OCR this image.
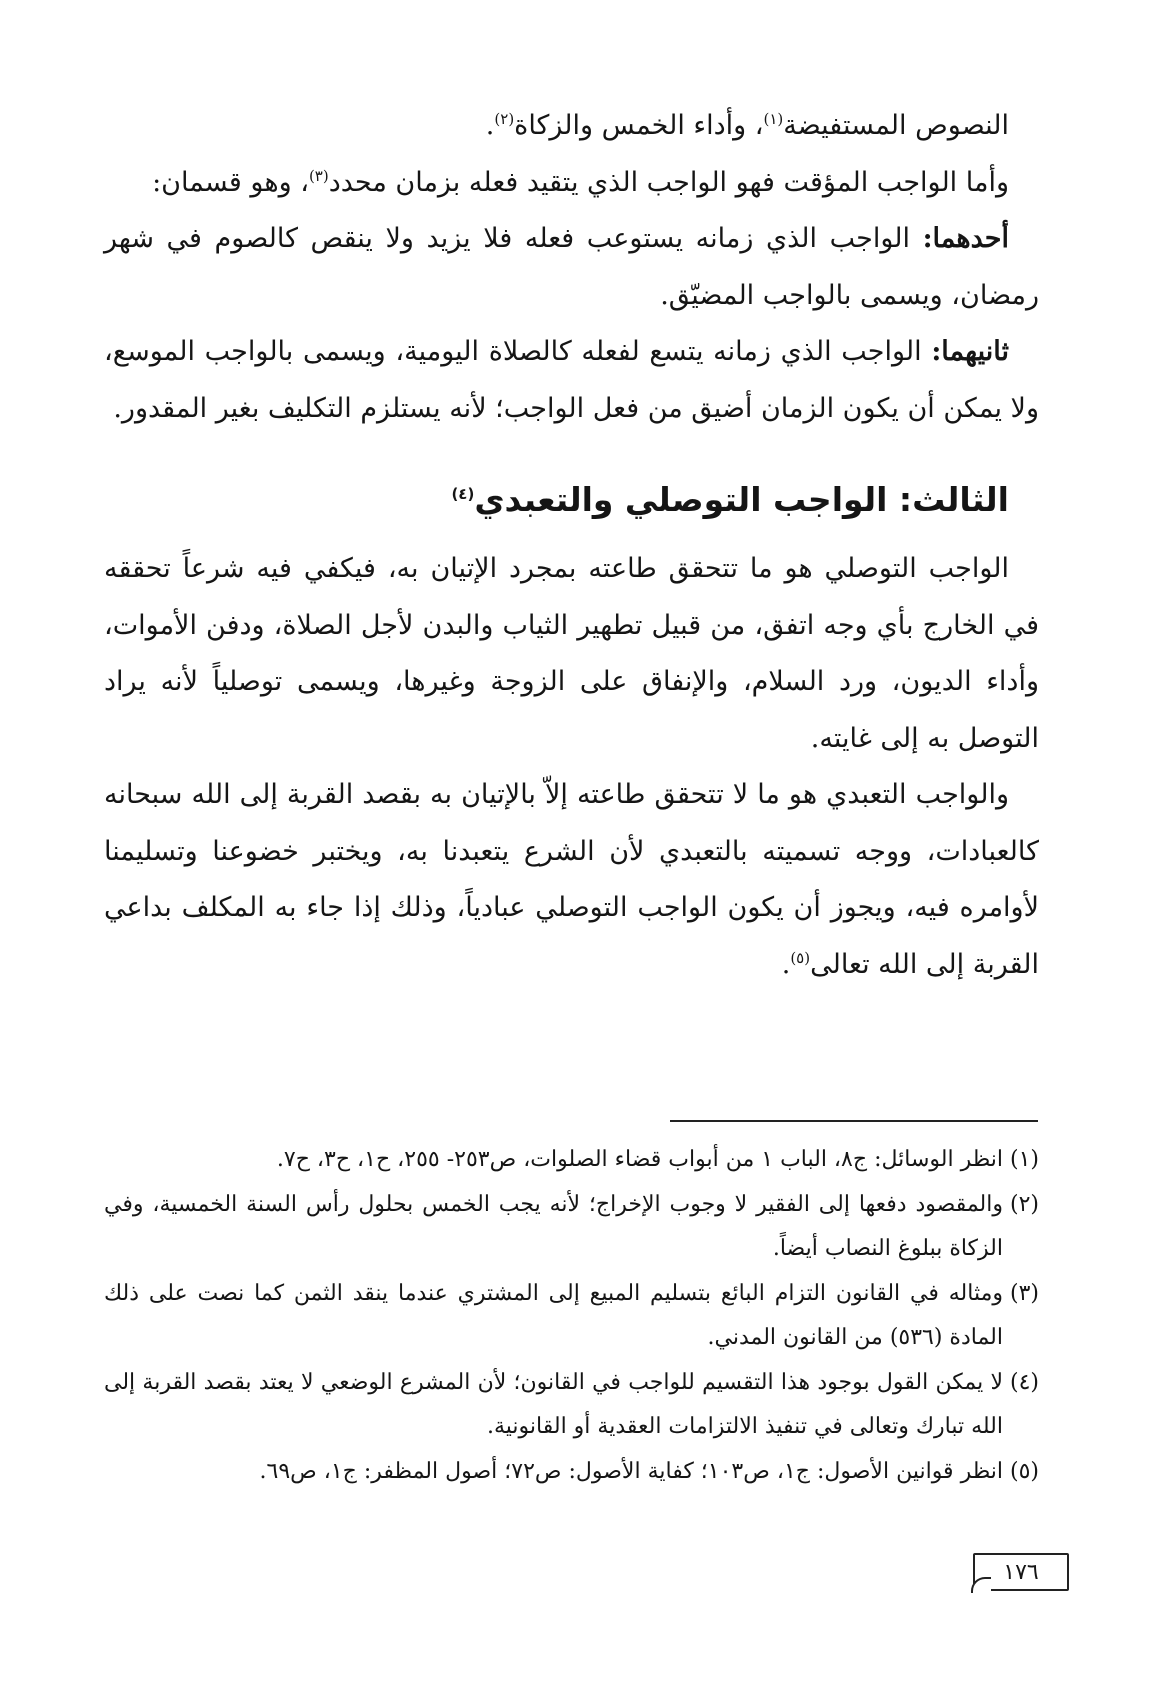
النصوص المستفيضة$^{(١)}$، وأداء الخمس والزكاة$^{(٢)}$.

وأما الواجب المؤقت فهو الواجب الذي يتقيد فعله بزمان محدد$^{(٣)}$، وهو قسمان:

أحدهما: الواجب الذي زمانه يستوعب فعله فلا يزيد ولا ينقص كالصوم في شهر رمضان، ويسمى بالواجب المضيّق.

ثانيهما: الواجب الذي زمانه يتسع لفعله كالصلاة اليومية، ويسمى بالواجب الموسع، ولا يمكن أن يكون الزمان أضيق من فعل الواجب؛ لأنه يستلزم التكليف بغير المقدور.

الثالث: الواجب التوصلي والتعبدي$^{(٤)}$

الواجب التوصلي هو ما تتحقق طاعته بمجرد الإتيان به، فيكفي فيه شرعاً تحققه في الخارج بأي وجه اتفق، من قبيل تطهير الثياب والبدن لأجل الصلاة، ودفن الأموات، وأداء الديون، ورد السلام، والإنفاق على الزوجة وغيرها، ويسمى توصلياً لأنه يراد التوصل به إلى غايته.

والواجب التعبدي هو ما لا تتحقق طاعته إلاّ بالإتيان به بقصد القربة إلى الله سبحانه كالعبادات، ووجه تسميته بالتعبدي لأن الشرع يتعبدنا به، ويختبر خضوعنا وتسليمنا لأوامره فيه، ويجوز أن يكون الواجب التوصلي عبادياً، وذلك إذا جاء به المكلف بداعي القربة إلى الله تعالى$^{(٥)}$.

(١)
انظر الوسائل: ج٨، الباب ١ من أبواب قضاء الصلوات، ص٢٥٣- ٢٥٥، ح١، ح٣، ح٧.

(٢)
والمقصود دفعها إلى الفقير لا وجوب الإخراج؛ لأنه يجب الخمس بحلول رأس السنة الخمسية، وفي الزكاة ببلوغ النصاب أيضاً.

(٣)
ومثاله في القانون التزام البائع بتسليم المبيع إلى المشتري عندما ينقد الثمن كما نصت على ذلك المادة (٥٣٦) من القانون المدني.

(٤)
لا يمكن القول بوجود هذا التقسيم للواجب في القانون؛ لأن المشرع الوضعي لا يعتد بقصد القربة إلى الله تبارك وتعالى في تنفيذ الالتزامات العقدية أو القانونية.

(٥)
انظر قوانين الأصول: ج١، ص١٠٣؛ كفاية الأصول: ص٧٢؛ أصول المظفر: ج١، ص٦٩.

١٧٦
